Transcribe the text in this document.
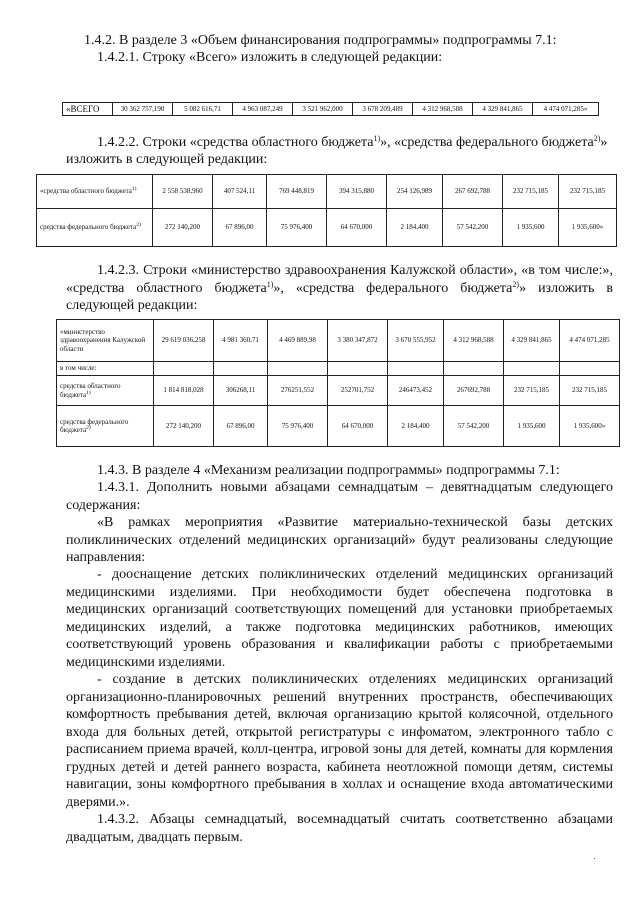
1.4.2. В разделе 3 «Объем финансирования подпрограммы» подпрограммы 7.1:
1.4.2.1. Строку «Всего» изложить в следующей редакции:
«ВСЕГО	30 362 757,190	5 082 616,71	4 963 087,249	3 521 962,000	3 678 209,489	4 312 968,588	4 329 841,865	4 474 071,285»
1.4.2.2. Строки «средства областного бюджета$^{1)}$», «средства федерального бюджета$^{2)}$»
изложить в следующей редакции:
«средства областного бюджета$^{1)}$	2 558 538,960	407 524,11	769 448,819	394 315,880	254 126,989	267 692,788	232 715,185	232 715,185
средства федерального бюджета$^{2)}$	272 140,200	67 896,00	75 976,400	64 670,000	2 184,400	57 542,200	1 935,600	1 935,600»
1.4.2.3. Строки «министерство здравоохранения Калужской области», «в том числе:»,
«средства областного бюджета$^{1)}$», «средства федерального бюджета$^{2)}$» изложить в
следующей редакции:
«министерство здравоохранения Калужской области	29 619 036,258	4 981 360,71	4 469 889,98	3 380 347,872	3 670 555,952	4 312 968,588	4 329 841,865	4 474 071,285
в том числе:								
средства областного бюджета$^{1)}$	1 814 818,028	306268,11	276251,552	252701,752	246473,452	267692,788	232 715,185	232 715,185
средства федерального бюджета$^{2)}$	272 140,200	67 896,00	75 976,400	64 670,000	2 184,400	57 542,200	1 935,600	1 935,600»
1.4.3. В разделе 4 «Механизм реализации подпрограммы» подпрограммы 7.1:
1.4.3.1. Дополнить новыми абзацами семнадцатым – девятнадцатым следующего
содержания:
«В рамках мероприятия «Развитие материально-технической базы детских
поликлинических отделений медицинских организаций» будут реализованы следующие
направления:
- дооснащение детских поликлинических отделений медицинских организаций
медицинскими изделиями. При необходимости будет обеспечена подготовка в
медицинских организаций соответствующих помещений для установки приобретаемых
медицинских изделий, а также подготовка медицинских работников, имеющих
соответствующий уровень образования и квалификации работы с приобретаемыми
медицинскими изделиями.
- создание в детских поликлинических отделениях медицинских организаций
организационно-планировочных решений внутренних пространств, обеспечивающих
комфортность пребывания детей, включая организацию крытой колясочной, отдельного
входа для больных детей, открытой регистратуры с инфоматом, электронного табло с
расписанием приема врачей, колл-центра, игровой зоны для детей, комнаты для кормления
грудных детей и детей раннего возраста, кабинета неотложной помощи детям, системы
навигации, зоны комфортного пребывания в холлах и оснащение входа автоматическими
дверями.».
1.4.3.2. Абзацы семнадцатый, восемнадцатый считать соответственно абзацами
двадцатым, двадцать первым.
